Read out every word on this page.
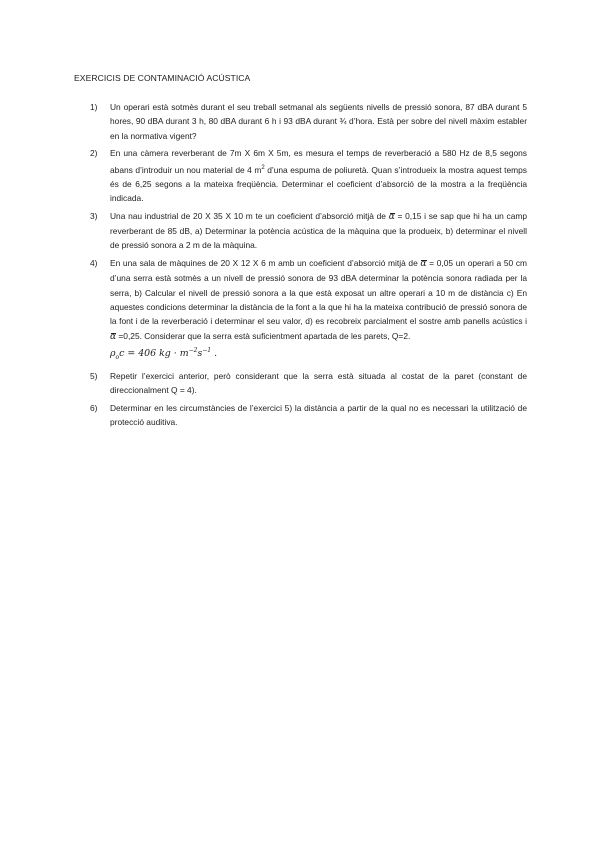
EXERCICIS DE CONTAMINACIÓ ACÚSTICA
1) Un operari està sotmès durant el seu treball setmanal als següents nivells de pressió sonora, 87 dBA durant 5 hores, 90 dBA durant 3 h, 80 dBA durant 6 h i 93 dBA durant ¾ d’hora. Està per sobre del nivell màxim establer en la normativa vigent?
2) En una càmera reverberant de 7m X 6m X 5m, es mesura el temps de reverberació a 580 Hz de 8,5 segons abans d’introduir un nou material de 4 $m^2$ d’una espuma de poliuretà. Quan s’introdueix la mostra aquest temps és de 6,25 segons a la mateixa freqüència. Determinar el coeficient d’absorció de la mostra a la freqüència indicada.
3) Una nau industrial de 20 X 35 X 10 m te un coeficient d’absorció mitjà de α = 0,15 i se sap que hi ha un camp reverberant de 85 dB, a) Determinar la potència acústica de la màquina que la produeix, b) determinar el nivell de pressió sonora a 2 m de la màquina.
4) En una sala de màquines de 20 X 12 X 6 m amb un coeficient d’absorció mitjà de α = 0,05 un operari a 50 cm d’una serra està sotmès a un nivell de pressió sonora de 93 dBA determinar la potència sonora radiada per la serra, b) Calcular el nivell de pressió sonora a la que està exposat un altre operari a 10 m de distància c) En aquestes condicions determinar la distància de la font a la que hi ha la mateixa contribució de pressió sonora de la font i de la reverberació i determinar el seu valor, d) es recobreix parcialment el sostre amb panells acústics i α =0,25. Considerar que la serra està suficientment apartada de les parets, Q=2.
$\rho_oc = 406$ kg · $m^{-2}s^{-1}$ .
5) Repetir l’exercici anterior, però considerant que la serra està situada al costat de la paret (constant de direccionalment Q = 4).
6) Determinar en les circumstàncies de l’exercici 5) la distància a partir de la qual no es necessari la utilització de protecció auditiva.
